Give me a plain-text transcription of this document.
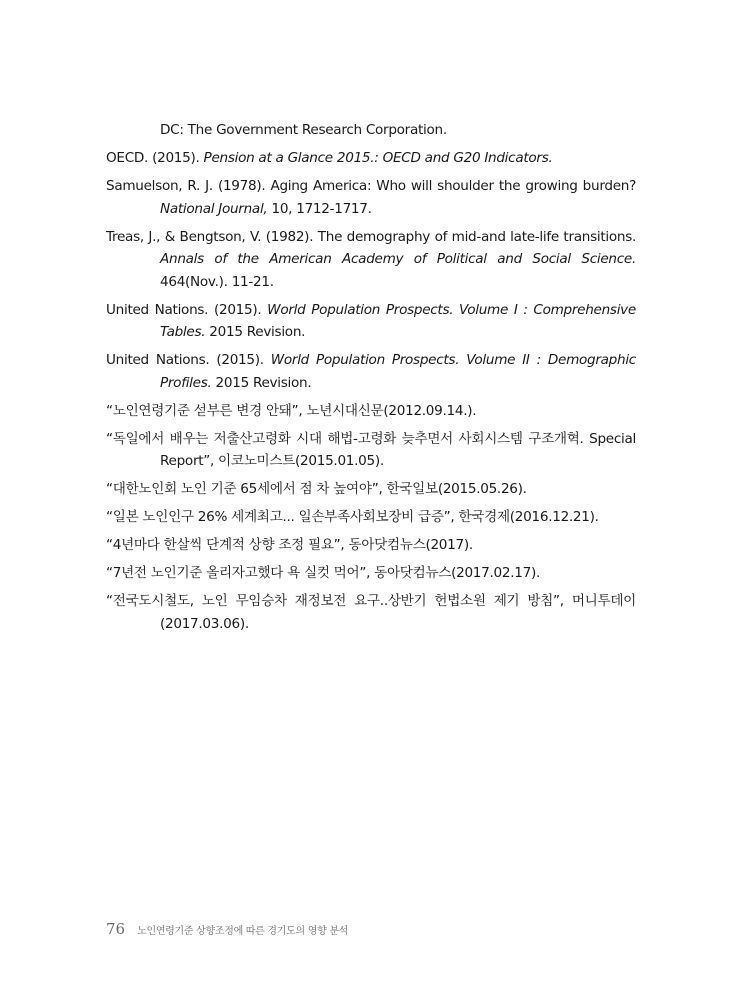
DC: The Government Research Corporation.

OECD. (2015). Pension at a Glance 2015.: OECD and G20 Indicators.

Samuelson, R. J. (1978). Aging America: Who will shoulder the growing burden? National Journal, 10, 1712-1717.

Treas, J., & Bengtson, V. (1982). The demography of mid-and late-life transitions. Annals of the American Academy of Political and Social Science. 464(Nov.). 11-21.

United Nations. (2015). World Population Prospects. Volume I : Comprehensive Tables. 2015 Revision.

United Nations. (2015). World Population Prospects. Volume II : Demographic Profiles. 2015 Revision.

“노인연령기준 섣부른 변경 안돼”, 노년시대신문(2012.09.14.).

“독일에서 배우는 저출산고령화 시대 해법-고령화 늦추면서 사회시스템 구조개혁. Special Report”, 이코노미스트(2015.01.05).

“대한노인회 노인 기준 65세에서 점 차 높여야”, 한국일보(2015.05.26).

“일본 노인인구 26% 세계최고... 일손부족사회보장비 급증”, 한국경제(2016.12.21).

“4년마다 한살씩 단계적 상향 조정 필요”, 동아닷컴뉴스(2017).

“7년전 노인기준 올리자고했다 욕 실컷 먹어”, 동아닷컴뉴스(2017.02.17).

“전국도시철도, 노인 무임승차 재정보전 요구..상반기 헌법소원 제기 방침”, 머니투데이(2017.03.06).

76 노인연령기준 상향조정에 따른 경기도의 영향 분석
